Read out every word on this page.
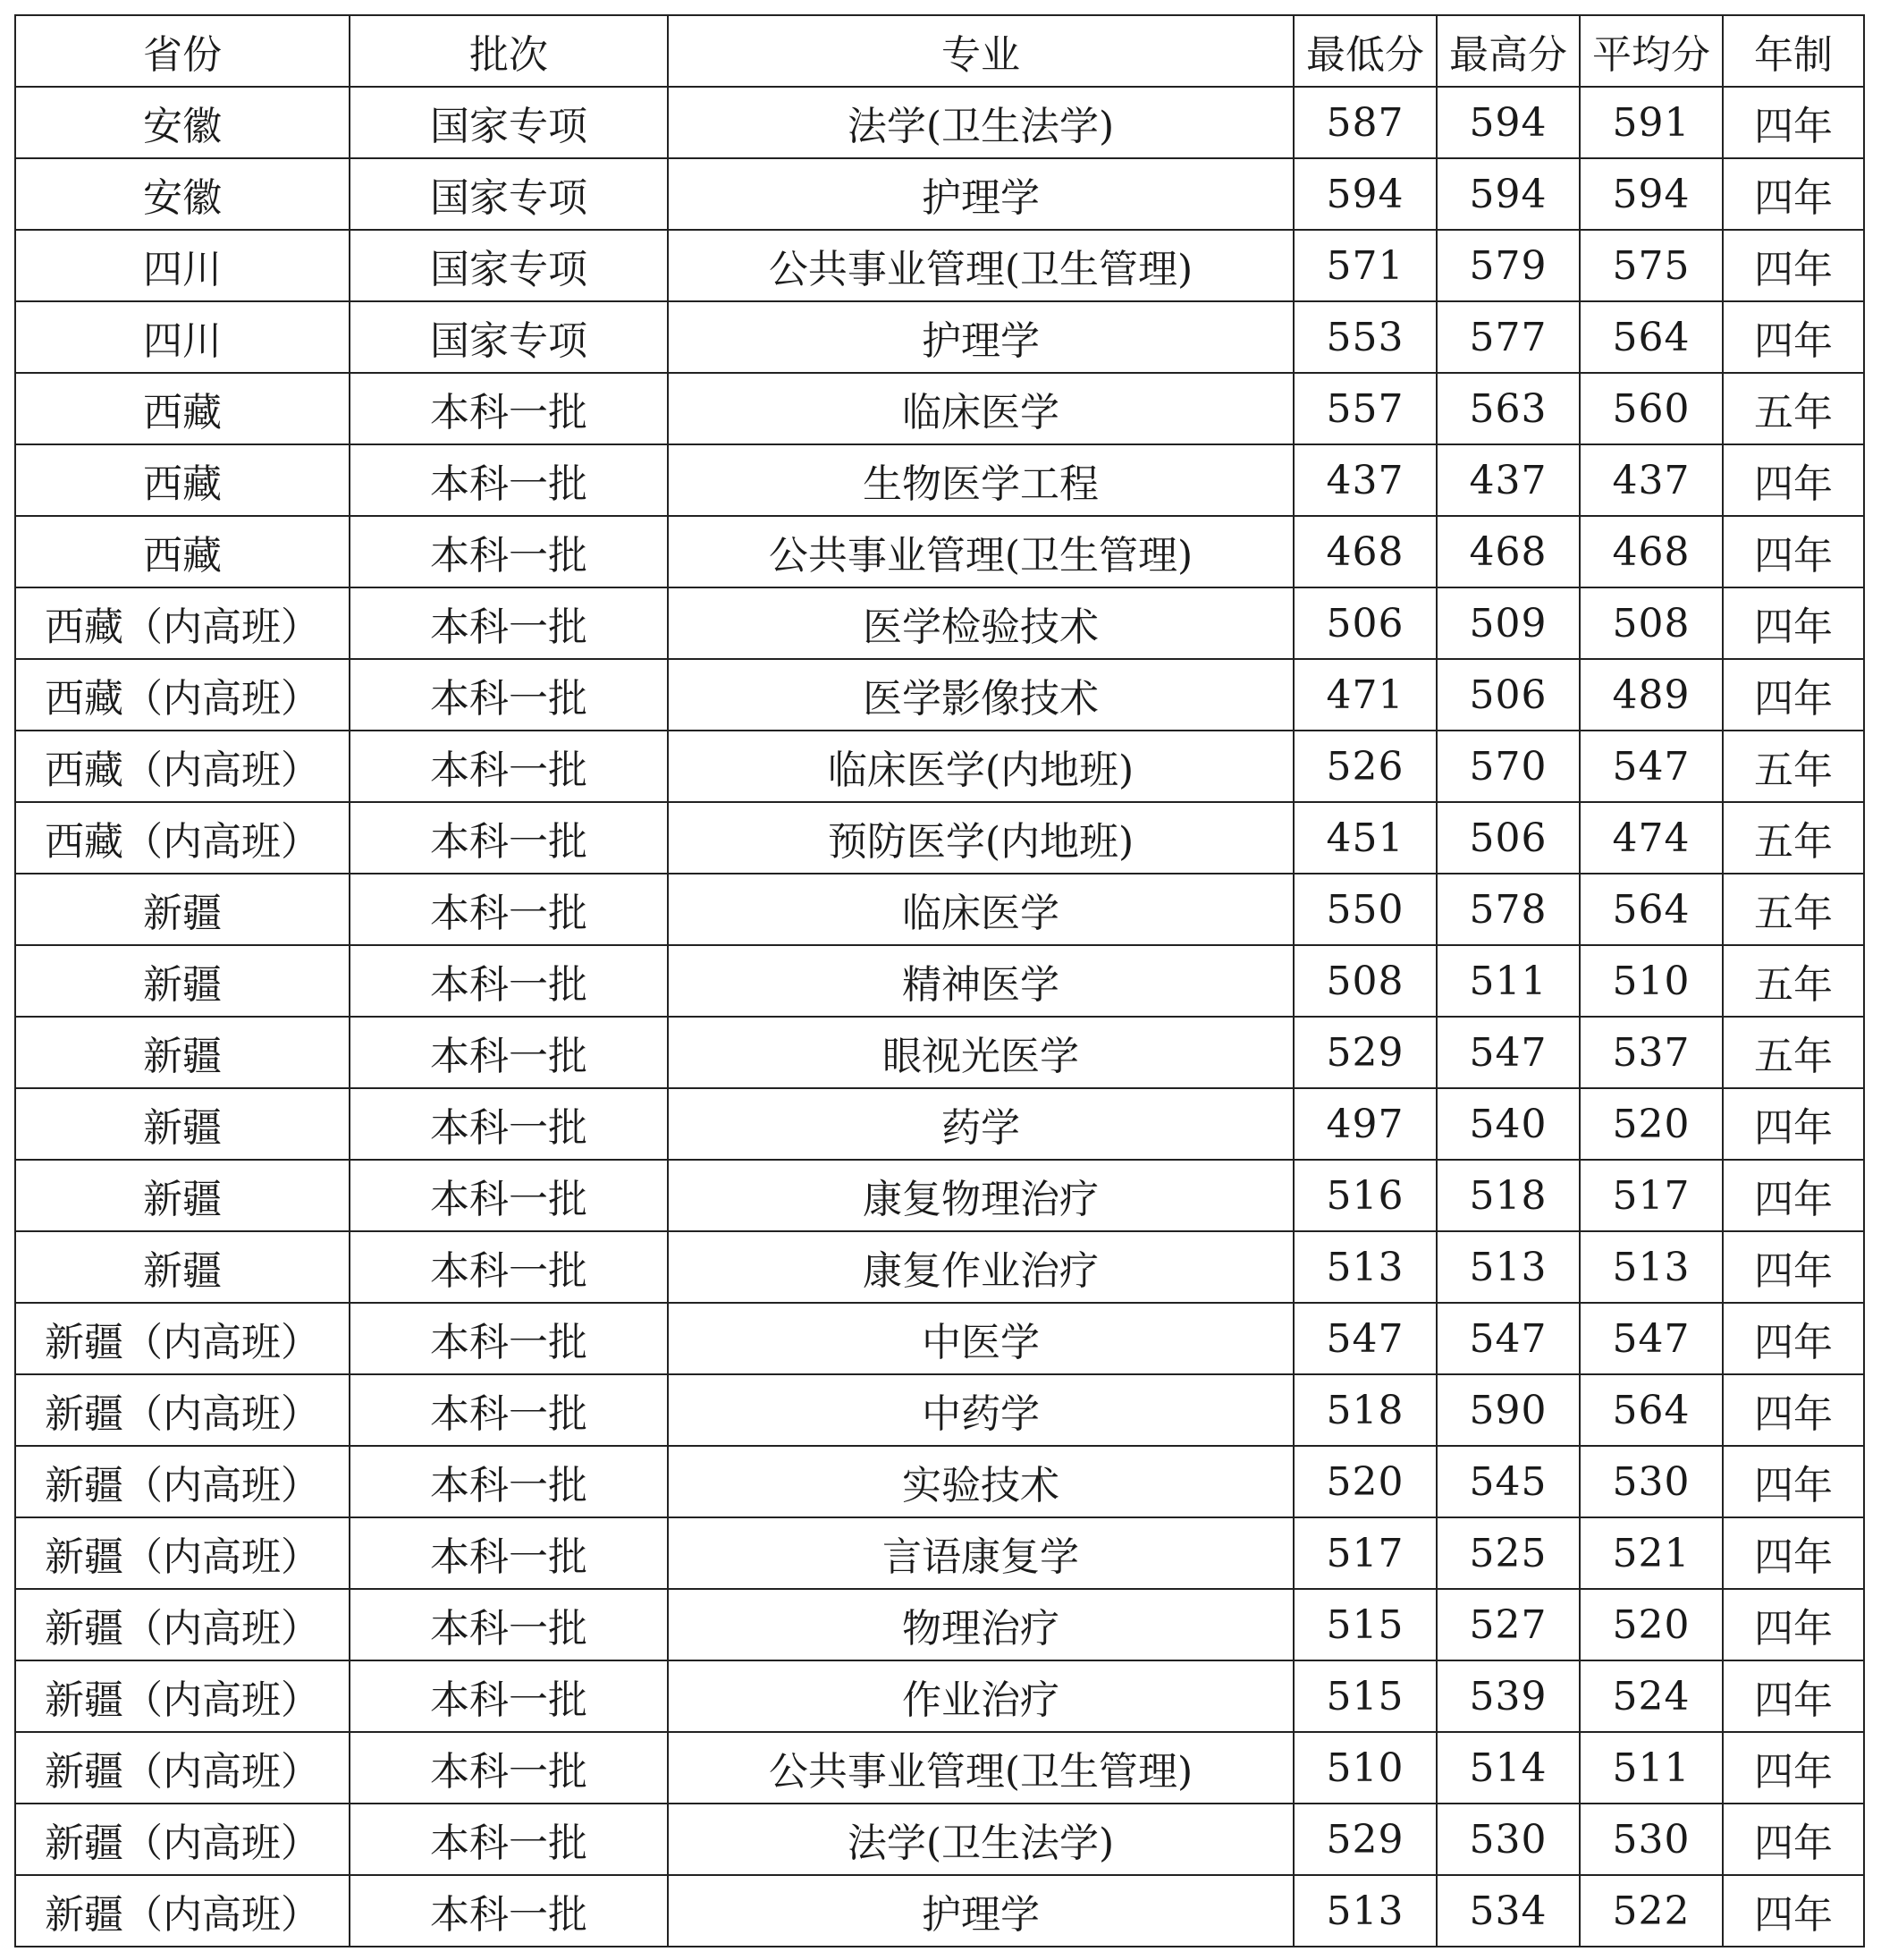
省份	批次	专业	最低分	最高分	平均分	年制
安徽	国家专项	法学(卫生法学)	587	594	591	四年
安徽	国家专项	护理学	594	594	594	四年
四川	国家专项	公共事业管理(卫生管理)	571	579	575	四年
四川	国家专项	护理学	553	577	564	四年
西藏	本科一批	临床医学	557	563	560	五年
西藏	本科一批	生物医学工程	437	437	437	四年
西藏	本科一批	公共事业管理(卫生管理)	468	468	468	四年
西藏（内高班）	本科一批	医学检验技术	506	509	508	四年
西藏（内高班）	本科一批	医学影像技术	471	506	489	四年
西藏（内高班）	本科一批	临床医学(内地班)	526	570	547	五年
西藏（内高班）	本科一批	预防医学(内地班)	451	506	474	五年
新疆	本科一批	临床医学	550	578	564	五年
新疆	本科一批	精神医学	508	511	510	五年
新疆	本科一批	眼视光医学	529	547	537	五年
新疆	本科一批	药学	497	540	520	四年
新疆	本科一批	康复物理治疗	516	518	517	四年
新疆	本科一批	康复作业治疗	513	513	513	四年
新疆（内高班）	本科一批	中医学	547	547	547	四年
新疆（内高班）	本科一批	中药学	518	590	564	四年
新疆（内高班）	本科一批	实验技术	520	545	530	四年
新疆（内高班）	本科一批	言语康复学	517	525	521	四年
新疆（内高班）	本科一批	物理治疗	515	527	520	四年
新疆（内高班）	本科一批	作业治疗	515	539	524	四年
新疆（内高班）	本科一批	公共事业管理(卫生管理)	510	514	511	四年
新疆（内高班）	本科一批	法学(卫生法学)	529	530	530	四年
新疆（内高班）	本科一批	护理学	513	534	522	四年
